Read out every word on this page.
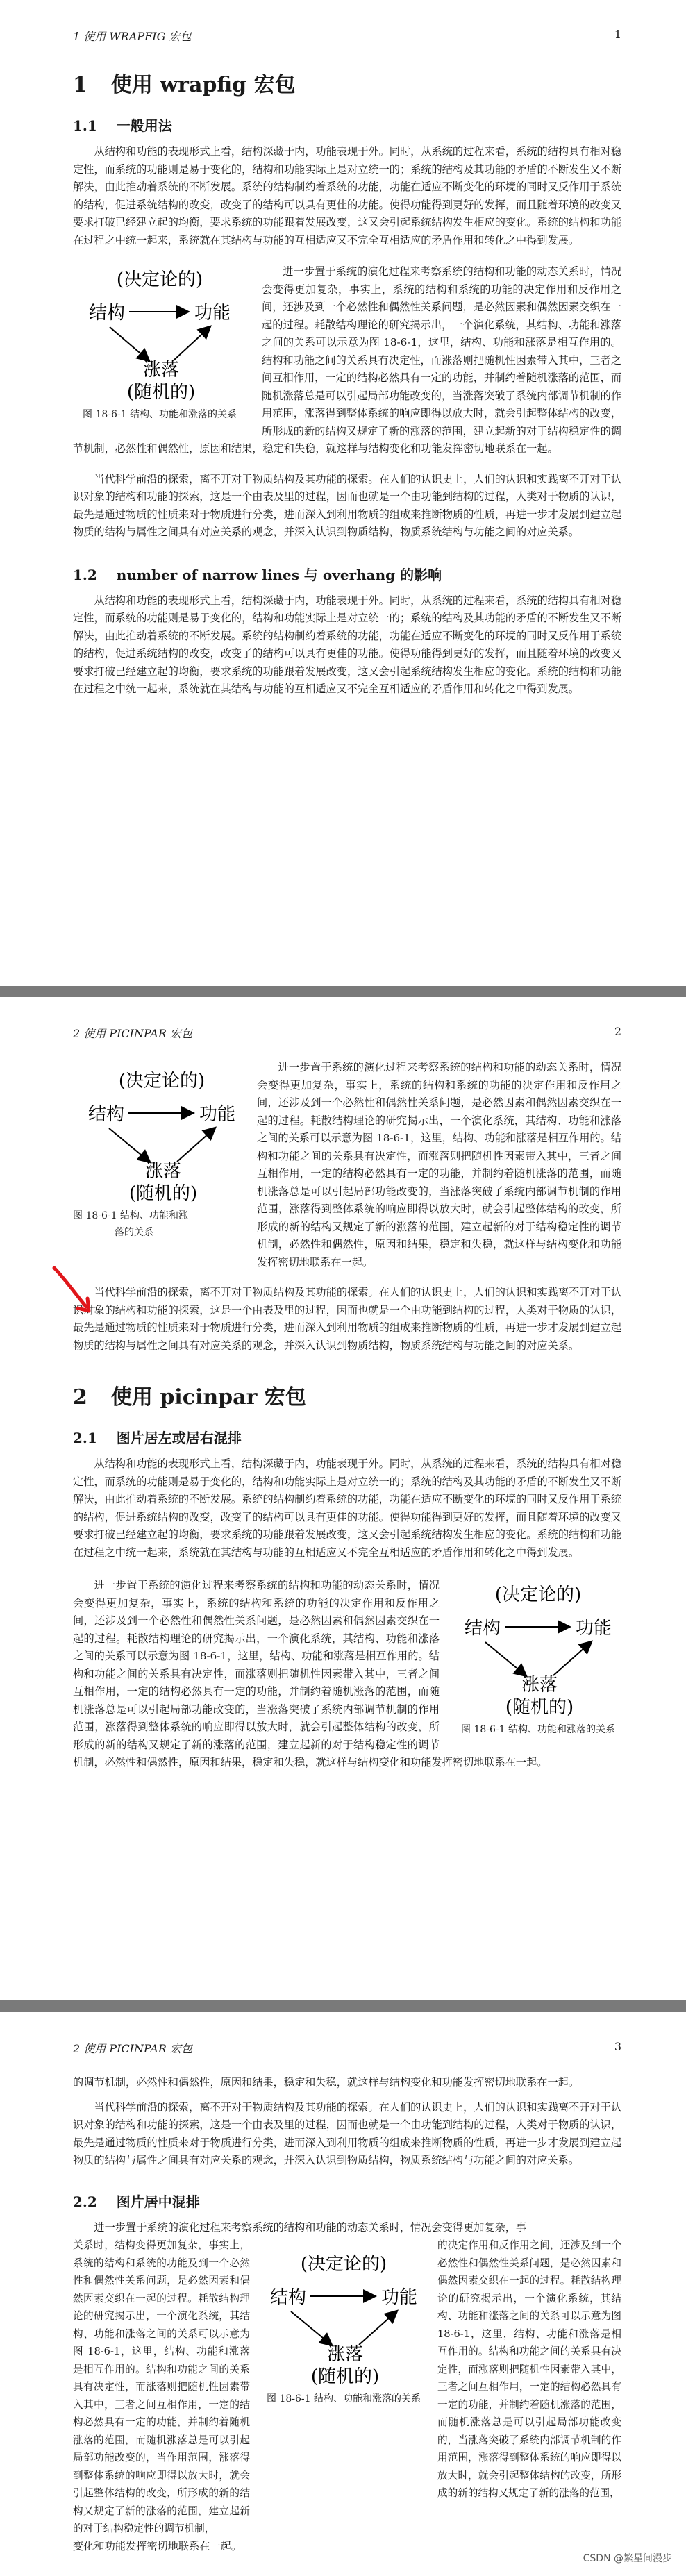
1 使用 WRAPFIG 宏包	1
1 使用 wrapfig 宏包
1.1 一般用法

从结构和功能的表现形式上看，结构深藏于内，功能表现于外。同时，从系统的过程来看，系统的结构具有相对稳定性，而系统的功能则是易于变化的，结构和功能实际上是对立统一的；系统的结构及其功能的矛盾的不断发生又不断解决，由此推动着系统的不断发展。系统的结构制约着系统的功能，功能在适应不断变化的环境的同时又反作用于系统的结构，促进系统结构的改变，改变了的结构可以具有更佳的功能。使得功能得到更好的发挥，而且随着环境的改变又要求打破已经建立起的均衡，要求系统的功能跟着发展改变，这又会引起系统结构发生相应的变化。系统的结构和功能在过程之中统一起来，系统就在其结构与功能的互相适应又不完全互相适应的矛盾作用和转化之中得到发展。

(决定论的)
结构	功能
涨落
(随机的)
图 18-6-1 结构、功能和涨落的关系

进一步置于系统的演化过程来考察系统的结构和功能的动态关系时，情况会变得更加复杂，事实上，系统的结构和系统的功能的决定作用和反作用之间，还涉及到一个必然性和偶然性关系问题，是必然因素和偶然因素交织在一起的过程。耗散结构理论的研究揭示出，一个演化系统，其结构、功能和涨落之间的关系可以示意为图 18-6-1，这里，结构、功能和涨落是相互作用的。结构和功能之间的关系具有决定性，而涨落则把随机性因素带入其中，三者之间互相作用，一定的结构必然具有一定的功能，并制约着随机涨落的范围，而随机涨落总是可以引起局部功能改变的，当涨落突破了系统内部调节机制的作用范围，涨落得到整体系统的响应即得以放大时，就会引起整体结构的改变，所形成的新的结构又规定了新的涨落的范围，建立起新的对于结构稳定性的调节机制，必然性和偶然性，原因和结果，稳定和失稳，就这样与结构变化和功能发挥密切地联系在一起。

当代科学前沿的探索，离不开对于物质结构及其功能的探索。在人们的认识史上，人们的认识和实践离不开对于认识对象的结构和功能的探索，这是一个由表及里的过程，因而也就是一个由功能到结构的过程，人类对于物质的认识，最先是通过物质的性质来对于物质进行分类，进而深入到利用物质的组成来推断物质的性质，再进一步才发展到建立起物质的结构与属性之间具有对应关系的观念，并深入认识到物质结构，物质系统结构与功能之间的对应关系。

1.2 number of narrow lines 与 overhang 的影响

从结构和功能的表现形式上看，结构深藏于内，功能表现于外。同时，从系统的过程来看，系统的结构具有相对稳定性，而系统的功能则是易于变化的，结构和功能实际上是对立统一的；系统的结构及其功能的矛盾的不断发生又不断解决，由此推动着系统的不断发展。系统的结构制约着系统的功能，功能在适应不断变化的环境的同时又反作用于系统的结构，促进系统结构的改变，改变了的结构可以具有更佳的功能。使得功能得到更好的发挥，而且随着环境的改变又要求打破已经建立起的均衡，要求系统的功能跟着发展改变，这又会引起系统结构发生相应的变化。系统的结构和功能在过程之中统一起来，系统就在其结构与功能的互相适应又不完全互相适应的矛盾作用和转化之中得到发展。

2 使用 PICINPAR 宏包	2
(决定论的)
结构	功能
涨落
(随机的)
图 18-6-1 结构、功能和涨
落的关系

进一步置于系统的演化过程来考察系统的结构和功能的动态关系时，情况会变得更加复杂，事实上，系统的结构和系统的功能的决定作用和反作用之间，还涉及到一个必然性和偶然性关系问题，是必然因素和偶然因素交织在一起的过程。耗散结构理论的研究揭示出，一个演化系统，其结构、功能和涨落之间的关系可以示意为图 18-6-1，这里，结构、功能和涨落是相互作用的。结构和功能之间的关系具有决定性，而涨落则把随机性因素带入其中，三者之间互相作用，一定的结构必然具有一定的功能，并制约着随机涨落的范围，而随机涨落总是可以引起局部功能改变的，当涨落突破了系统内部调节机制的作用范围，涨落得到整体系统的响应即得以放大时，就会引起整体结构的改变，所形成的新的结构又规定了新的涨落的范围，建立起新的对于结构稳定性的调节机制，必然性和偶然性，原因和结果，稳定和失稳，就这样与结构变化和功能发挥密切地联系在一起。

当代科学前沿的探索，离不开对于物质结构及其功能的探索。在人们的认识史上，人们的认识和实践离不开对于认识对象的结构和功能的探索，这是一个由表及里的过程，因而也就是一个由功能到结构的过程，人类对于物质的认识，最先是通过物质的性质来对于物质进行分类，进而深入到利用物质的组成来推断物质的性质，再进一步才发展到建立起物质的结构与属性之间具有对应关系的观念，并深入认识到物质结构，物质系统结构与功能之间的对应关系。

2 使用 picinpar 宏包
2.1 图片居左或居右混排

从结构和功能的表现形式上看，结构深藏于内，功能表现于外。同时，从系统的过程来看，系统的结构具有相对稳定性，而系统的功能则是易于变化的，结构和功能实际上是对立统一的；系统的结构及其功能的矛盾的不断发生又不断解决，由此推动着系统的不断发展。系统的结构制约着系统的功能，功能在适应不断变化的环境的同时又反作用于系统的结构，促进系统结构的改变，改变了的结构可以具有更佳的功能。使得功能得到更好的发挥，而且随着环境的改变又要求打破已经建立起的均衡，要求系统的功能跟着发展改变，这又会引起系统结构发生相应的变化。系统的结构和功能在过程之中统一起来，系统就在其结构与功能的互相适应又不完全互相适应的矛盾作用和转化之中得到发展。

(决定论的)
结构	功能
涨落
(随机的)
图 18-6-1 结构、功能和涨落的关系

进一步置于系统的演化过程来考察系统的结构和功能的动态关系时，情况会变得更加复杂，事实上，系统的结构和系统的功能的决定作用和反作用之间，还涉及到一个必然性和偶然性关系问题，是必然因素和偶然因素交织在一起的过程。耗散结构理论的研究揭示出，一个演化系统，其结构、功能和涨落之间的关系可以示意为图 18-6-1，这里，结构、功能和涨落是相互作用的。结构和功能之间的关系具有决定性，而涨落则把随机性因素带入其中，三者之间互相作用，一定的结构必然具有一定的功能，并制约着随机涨落的范围，而随机涨落总是可以引起局部功能改变的，当涨落突破了系统内部调节机制的作用范围，涨落得到整体系统的响应即得以放大时，就会引起整体结构的改变，所形成的新的结构又规定了新的涨落的范围，建立起新的对于结构稳定性的调节机制，必然性和偶然性，原因和结果，稳定和失稳，就这样与结构变化和功能发挥密切地联系在一起。

2 使用 PICINPAR 宏包	3

的调节机制，必然性和偶然性，原因和结果，稳定和失稳，就这样与结构变化和功能发挥密切地联系在一起。

当代科学前沿的探索，离不开对于物质结构及其功能的探索。在人们的认识史上，人们的认识和实践离不开对于认识对象的结构和功能的探索，这是一个由表及里的过程，因而也就是一个由功能到结构的过程，人类对于物质的认识，最先是通过物质的性质来对于物质进行分类，进而深入到利用物质的组成来推断物质的性质，再进一步才发展到建立起物质的结构与属性之间具有对应关系的观念，并深入认识到物质结构，物质系统结构与功能之间的对应关系。

2.2 图片居中混排

进一步置于系统的演化过程来考察系统的结构和功能的动态关系时，情况会变得更加复杂，事

关系时，结构变得更加复杂，事实上，系统的结构和系统的功能及到一个必然性和偶然性关系问题，是必然因素和偶然因素交织在一起的过程。耗散结构理论的研究揭示出，一个演化系统，其结构、功能和涨落之间的关系可以示意为图 18-6-1，这里，结构、功能和涨落是相互作用的。结构和功能之间的关系具有决定性，而涨落则把随机性因素带入其中，三者之间互相作用，一定的结构必然具有一定的功能，并制约着随机涨落的范围，而随机涨落总是可以引起局部功能改变的，当作用范围，涨落得到整体系统的响应即得以放大时，就会引起整体结构的改变，所形成的新的结构又规定了新的涨落的范围，建立起新的对于结构稳定性的调节机制，

(决定论的)
结构	功能
涨落
(随机的)
图 18-6-1 结构、功能和涨落的关系

的决定作用和反作用之间，还涉及到一个必然性和偶然性关系问题，是必然因素和偶然因素交织在一起的过程。耗散结构理论的研究揭示出，一个演化系统，其结构、功能和涨落之间的关系可以示意为图 18-6-1，这里，结构、功能和涨落是相互作用的。结构和功能之间的关系具有决定性，而涨落则把随机性因素带入其中，三者之间互相作用，一定的结构必然具有一定的功能，并制约着随机涨落的范围，而随机涨落总是可以引起局部功能改变的，当涨落突破了系统内部调节机制的作用范围，涨落得到整体系统的响应即得以放大时，就会引起整体结构的改变，所形成的新的结构又规定了新的涨落的范围，

变化和功能发挥密切地联系在一起。

CSDN @繁星间漫步
